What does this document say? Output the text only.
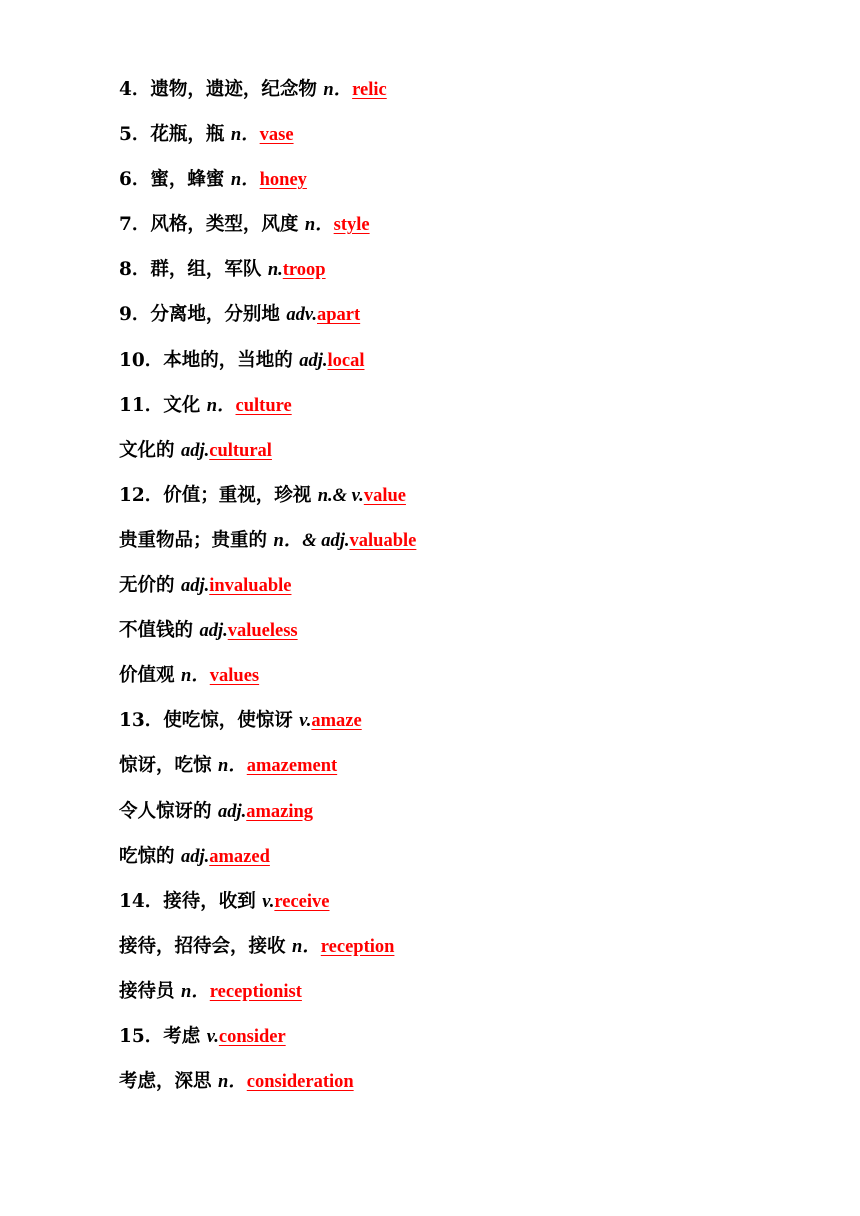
4．遗物，遗迹，纪念物 n．relic
5．花瓶，瓶 n．vase
6．蜜，蜂蜜 n．honey
7．风格，类型，风度 n．style
8．群，组，军队 n.troop
9．分离地，分别地 adv.apart
10．本地的，当地的 adj.local
11．文化 n．culture
文化的 adj.cultural
12．价值；重视，珍视 n.& v.value
贵重物品；贵重的 n．& adj.valuable
无价的 adj.invaluable
不值钱的 adj.valueless
价值观 n．values
13．使吃惊，使惊讶 v.amaze
惊讶，吃惊 n．amazement
令人惊讶的 adj.amazing
吃惊的 adj.amazed
14．接待，收到 v.receive
接待，招待会，接收 n．reception
接待员 n．receptionist
15．考虑 v.consider
考虑，深思 n．consideration
